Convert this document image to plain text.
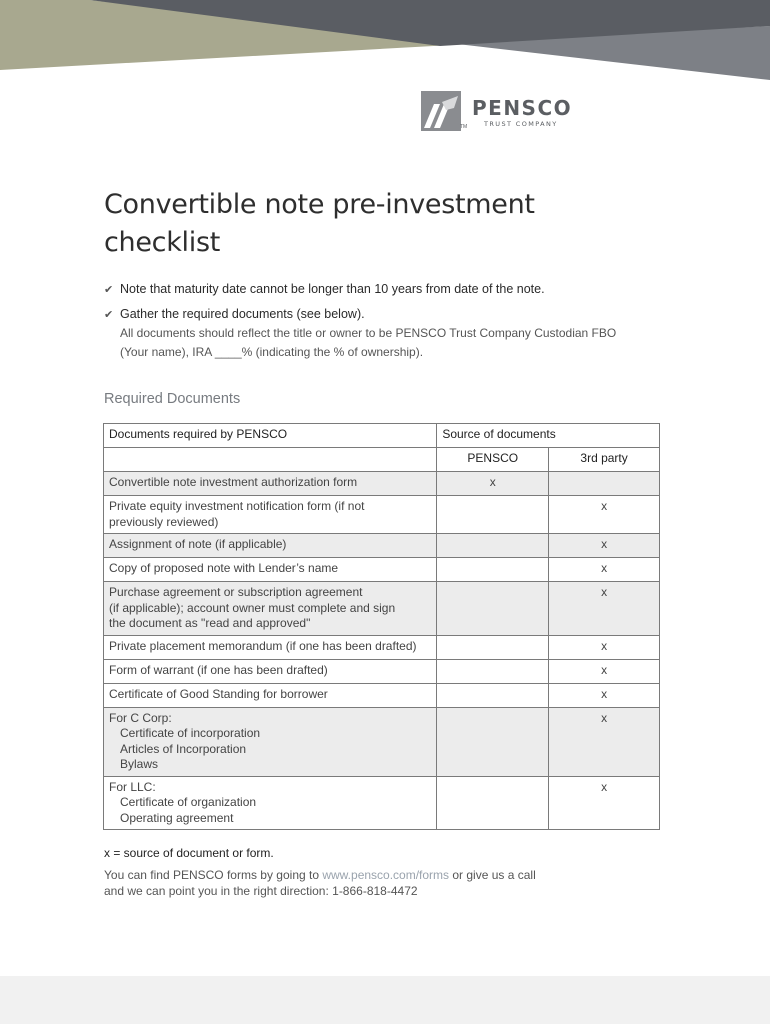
PENSCO
TRUST COMPANY
TM
Convertible note pre-investment
checklist
✔ Note that maturity date cannot be longer than 10 years from date of the note.
✔ Gather the required documents (see below).
All documents should reflect the title or owner to be PENSCO Trust Company Custodian FBO
(Your name), IRA ____% (indicating the % of ownership).
Required Documents
Documents required by PENSCO	Source of documents	
	PENSCO	3rd party

Convertible note investment authorization form	x	

Private equity investment notification form (if not
previously reviewed)		x

Assignment of note (if applicable)		x

Copy of proposed note with Lender’s name		x

Purchase agreement or subscription agreement
(if applicable); account owner must complete and sign
the document as "read and approved"		x

Private placement memorandum (if one has been drafted)		x

Form of warrant (if one has been drafted)		x

Certificate of Good Standing for borrower		x

For C Corp:
Certificate of incorporation
Articles of Incorporation
Bylaws		x

For LLC:
Certificate of organization
Operating agreement		x
x = source of document or form.
You can find PENSCO forms by going to www.pensco.com/forms or give us a call
and we can point you in the right direction: 1-866-818-4472
